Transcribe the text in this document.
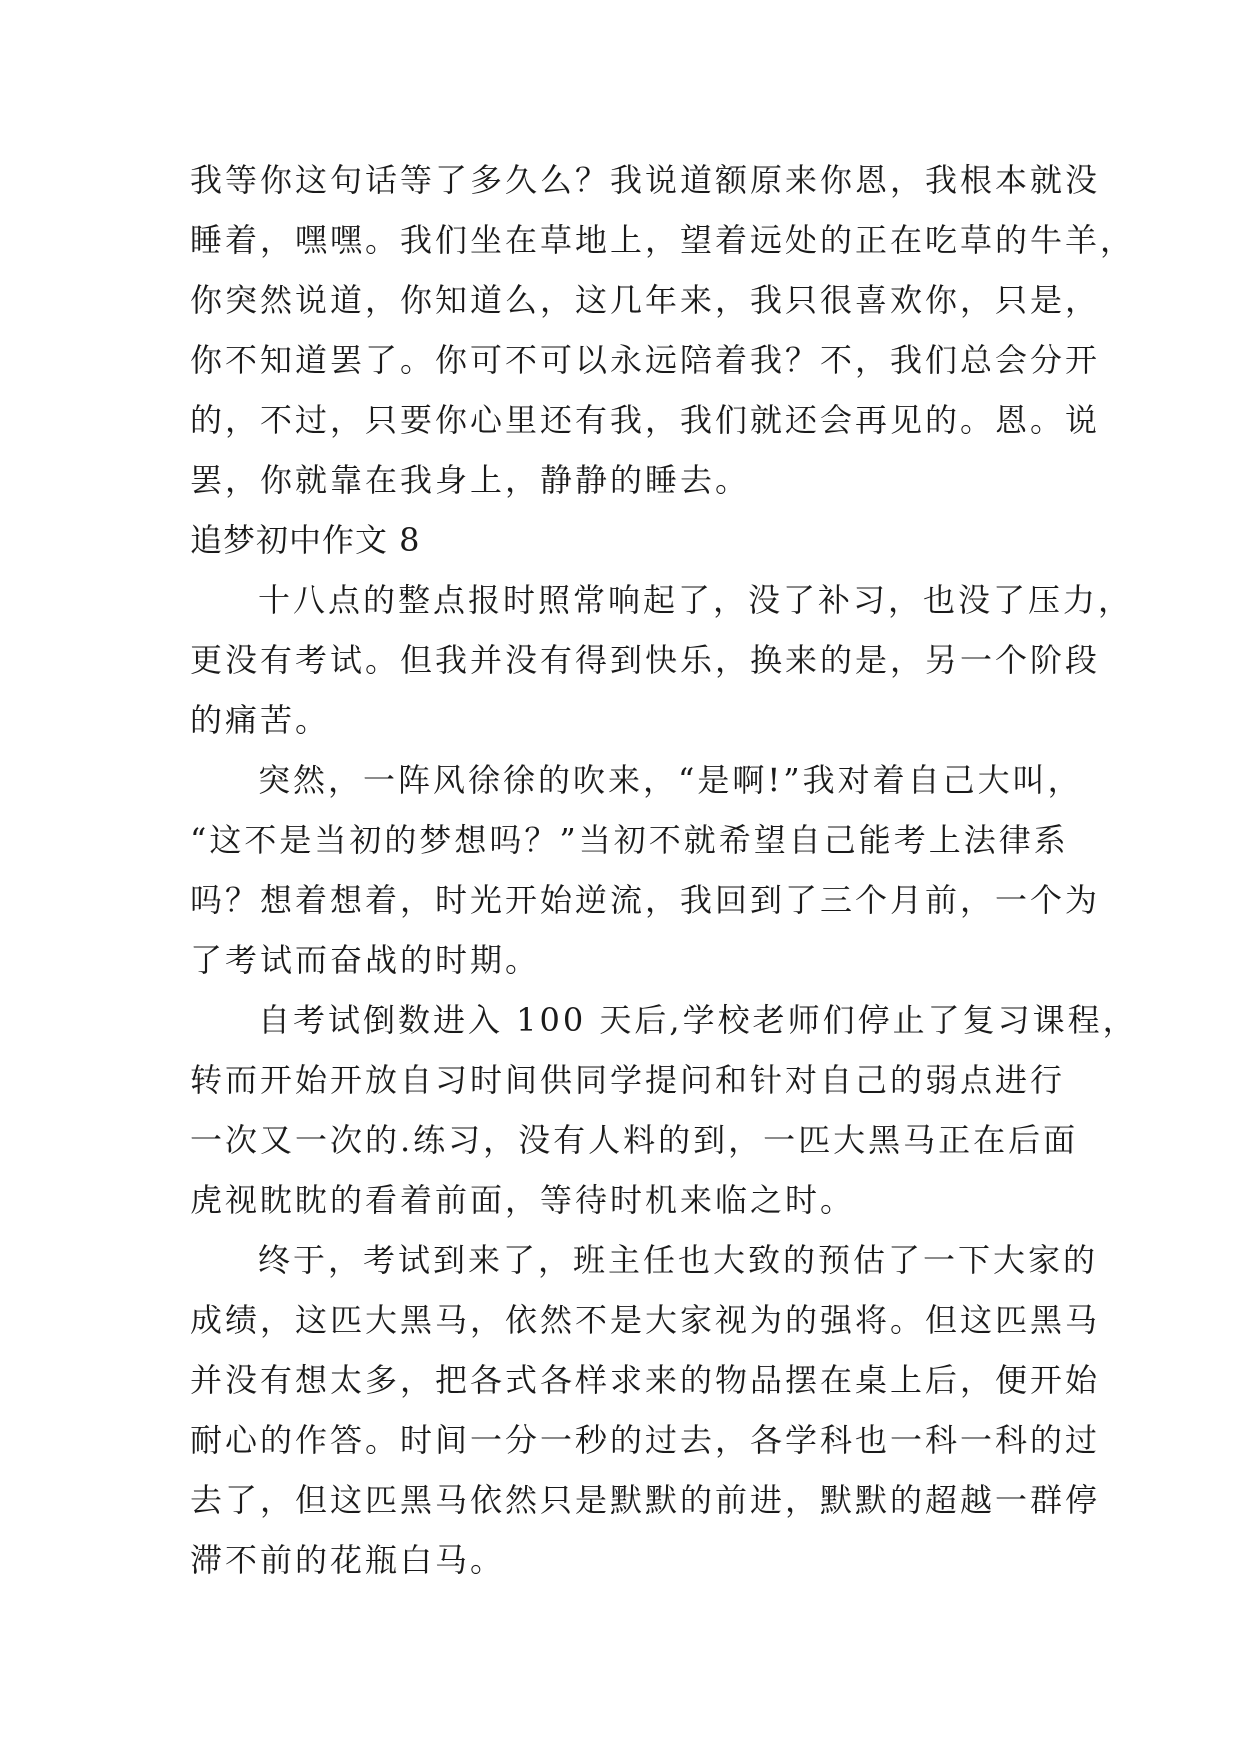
我等你这句话等了多久么？我说道额原来你恩，我根本就没
睡着，嘿嘿。我们坐在草地上，望着远处的正在吃草的牛羊，
你突然说道，你知道么，这几年来，我只很喜欢你，只是，
你不知道罢了。你可不可以永远陪着我？不，我们总会分开
的，不过，只要你心里还有我，我们就还会再见的。恩。说
罢，你就靠在我身上，静静的睡去。
追梦初中作文 8
十八点的整点报时照常响起了，没了补习，也没了压力，
更没有考试。但我并没有得到快乐，换来的是，另一个阶段
的痛苦。
突然，一阵风徐徐的吹来，“是啊!”我对着自己大叫，
“这不是当初的梦想吗？”当初不就希望自己能考上法律系
吗？想着想着，时光开始逆流，我回到了三个月前，一个为
了考试而奋战的时期。
自考试倒数进入 100 天后,学校老师们停止了复习课程，
转而开始开放自习时间供同学提问和针对自己的弱点进行
一次又一次的.练习，没有人料的到，一匹大黑马正在后面
虎视眈眈的看着前面，等待时机来临之时。
终于，考试到来了，班主任也大致的预估了一下大家的
成绩，这匹大黑马，依然不是大家视为的强将。但这匹黑马
并没有想太多，把各式各样求来的物品摆在桌上后，便开始
耐心的作答。时间一分一秒的过去，各学科也一科一科的过
去了，但这匹黑马依然只是默默的前进，默默的超越一群停
滞不前的花瓶白马。
